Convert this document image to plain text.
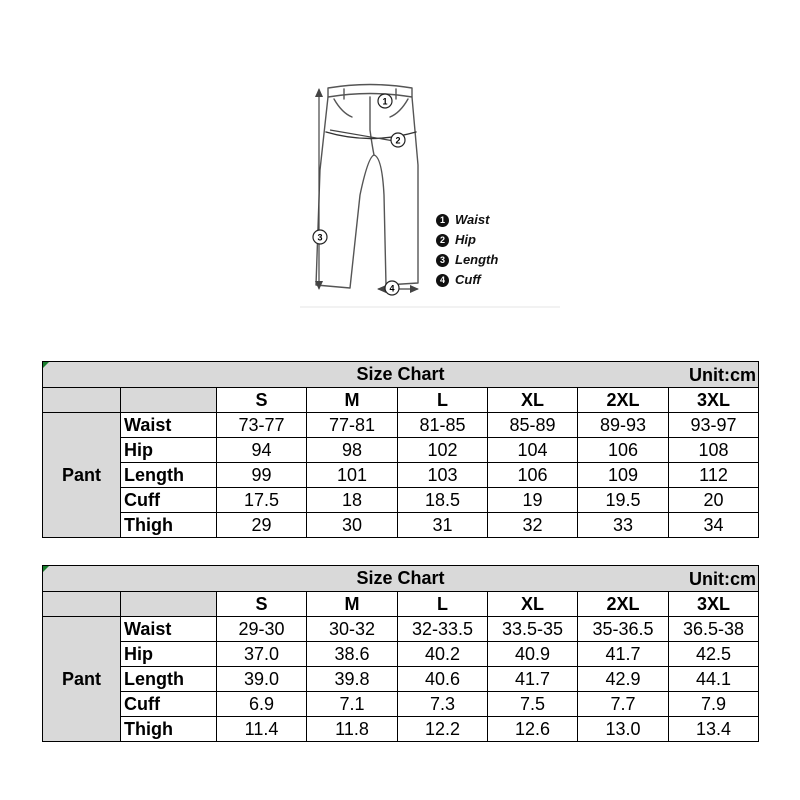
1
2
3
4
1 Waist
2 Hip
3 Length
4 Cuff
Size Chart Unit:cm							

		S	M	L	XL	2XL	3XL
Pant	Waist	73-77	77-81	81-85	85-89	89-93	93-97
	Hip	94	98	102	104	106	108
	Length	99	101	103	106	109	112
	Cuff	17.5	18	18.5	19	19.5	20
	Thigh	29	30	31	32	33	34
Size Chart Unit:cm							

		S	M	L	XL	2XL	3XL
Pant	Waist	29-30	30-32	32-33.5	33.5-35	35-36.5	36.5-38
	Hip	37.0	38.6	40.2	40.9	41.7	42.5
	Length	39.0	39.8	40.6	41.7	42.9	44.1
	Cuff	6.9	7.1	7.3	7.5	7.7	7.9
	Thigh	11.4	11.8	12.2	12.6	13.0	13.4
